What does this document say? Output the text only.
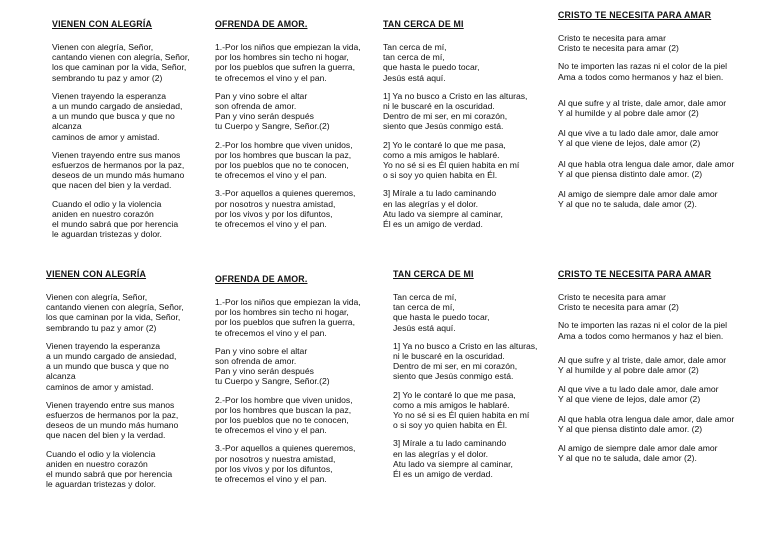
VIENEN CON ALEGRÍA
Vienen con alegría, Señor,
cantando vienen con alegría, Señor,
los que caminan por la vida, Señor,
sembrando tu paz y amor (2)
Vienen trayendo la esperanza
a un mundo cargado de ansiedad,
a un mundo que busca y que no
alcanza
caminos de amor y amistad.
Vienen trayendo entre sus manos
esfuerzos de hermanos por la paz,
deseos de un mundo más humano
que nacen del bien y la verdad.
Cuando el odio y la violencia
aniden en nuestro corazón
el mundo sabrá que por herencia
le aguardan tristezas y dolor.
OFRENDA DE AMOR.
1.-Por los niños que empiezan la vida,
por los hombres sin techo ni hogar,
por los pueblos que sufren la guerra,
te ofrecemos el vino y el pan.
Pan y vino sobre el altar
son ofrenda de amor.
Pan y vino serán después
tu Cuerpo y Sangre, Señor.(2)
2.-Por los hombre que viven unidos,
por los hombres que buscan la paz,
por los pueblos que no te conocen,
te ofrecemos el vino y el pan.
3.-Por aquellos a quienes queremos,
por nosotros y nuestra amistad,
por los vivos y por los difuntos,
te ofrecemos el vino y el pan.
TAN CERCA DE MI
Tan cerca de mí,
tan cerca de mí,
que hasta le puedo tocar,
Jesús está aquí.
1] Ya no busco a Cristo en las alturas,
ni le buscaré en la oscuridad.
Dentro de mi ser, en mi corazón,
siento que Jesús conmigo está.
2] Yo le contaré lo que me pasa,
como a mis amigos le hablaré.
Yo no sé si es Él quien habita en mí
o si soy yo quien habita en Él.
3] Mírale a tu lado caminando
en las alegrías y el dolor.
Atu lado va siempre al caminar,
Él es un amigo de verdad.
CRISTO TE NECESITA PARA AMAR
Cristo te necesita para amar
Cristo te necesita para amar (2)
No te importen las razas ni el color de la piel
Ama a todos como hermanos y haz el bien.
Al que sufre y al triste, dale amor, dale amor
Y al humilde y al pobre dale amor (2)
Al que vive a tu lado dale amor, dale amor
Y al que viene de lejos, dale amor (2)
Al que habla otra lengua dale amor, dale amor
Y al que piensa distinto dale amor. (2)
Al amigo de siempre dale amor dale amor
Y al que no te saluda, dale amor (2).
VIENEN CON ALEGRÍA
Vienen con alegría, Señor,
cantando vienen con alegría, Señor,
los que caminan por la vida, Señor,
sembrando tu paz y amor (2)
Vienen trayendo la esperanza
a un mundo cargado de ansiedad,
a un mundo que busca y que no
alcanza
caminos de amor y amistad.
Vienen trayendo entre sus manos
esfuerzos de hermanos por la paz,
deseos de un mundo más humano
que nacen del bien y la verdad.
Cuando el odio y la violencia
aniden en nuestro corazón
el mundo sabrá que por herencia
le aguardan tristezas y dolor.
OFRENDA DE AMOR.
1.-Por los niños que empiezan la vida,
por los hombres sin techo ni hogar,
por los pueblos que sufren la guerra,
te ofrecemos el vino y el pan.
Pan y vino sobre el altar
son ofrenda de amor.
Pan y vino serán después
tu Cuerpo y Sangre, Señor.(2)
2.-Por los hombre que viven unidos,
por los hombres que buscan la paz,
por los pueblos que no te conocen,
te ofrecemos el vino y el pan.
3.-Por aquellos a quienes queremos,
por nosotros y nuestra amistad,
por los vivos y por los difuntos,
te ofrecemos el vino y el pan.
TAN CERCA DE MI
Tan cerca de mí,
tan cerca de mí,
que hasta le puedo tocar,
Jesús está aquí.
1] Ya no busco a Cristo en las alturas,
ni le buscaré en la oscuridad.
Dentro de mi ser, en mi corazón,
siento que Jesús conmigo está.
2] Yo le contaré lo que me pasa,
como a mis amigos le hablaré.
Yo no sé si es Él quien habita en mí
o si soy yo quien habita en Él.
3] Mírale a tu lado caminando
en las alegrías y el dolor.
Atu lado va siempre al caminar,
Él es un amigo de verdad.
CRISTO TE NECESITA PARA AMAR
Cristo te necesita para amar
Cristo te necesita para amar (2)
No te importen las razas ni el color de la piel
Ama a todos como hermanos y haz el bien.
Al que sufre y al triste, dale amor, dale amor
Y al humilde y al pobre dale amor (2)
Al que vive a tu lado dale amor, dale amor
Y al que viene de lejos, dale amor (2)
Al que habla otra lengua dale amor, dale amor
Y al que piensa distinto dale amor. (2)
Al amigo de siempre dale amor dale amor
Y al que no te saluda, dale amor (2).
